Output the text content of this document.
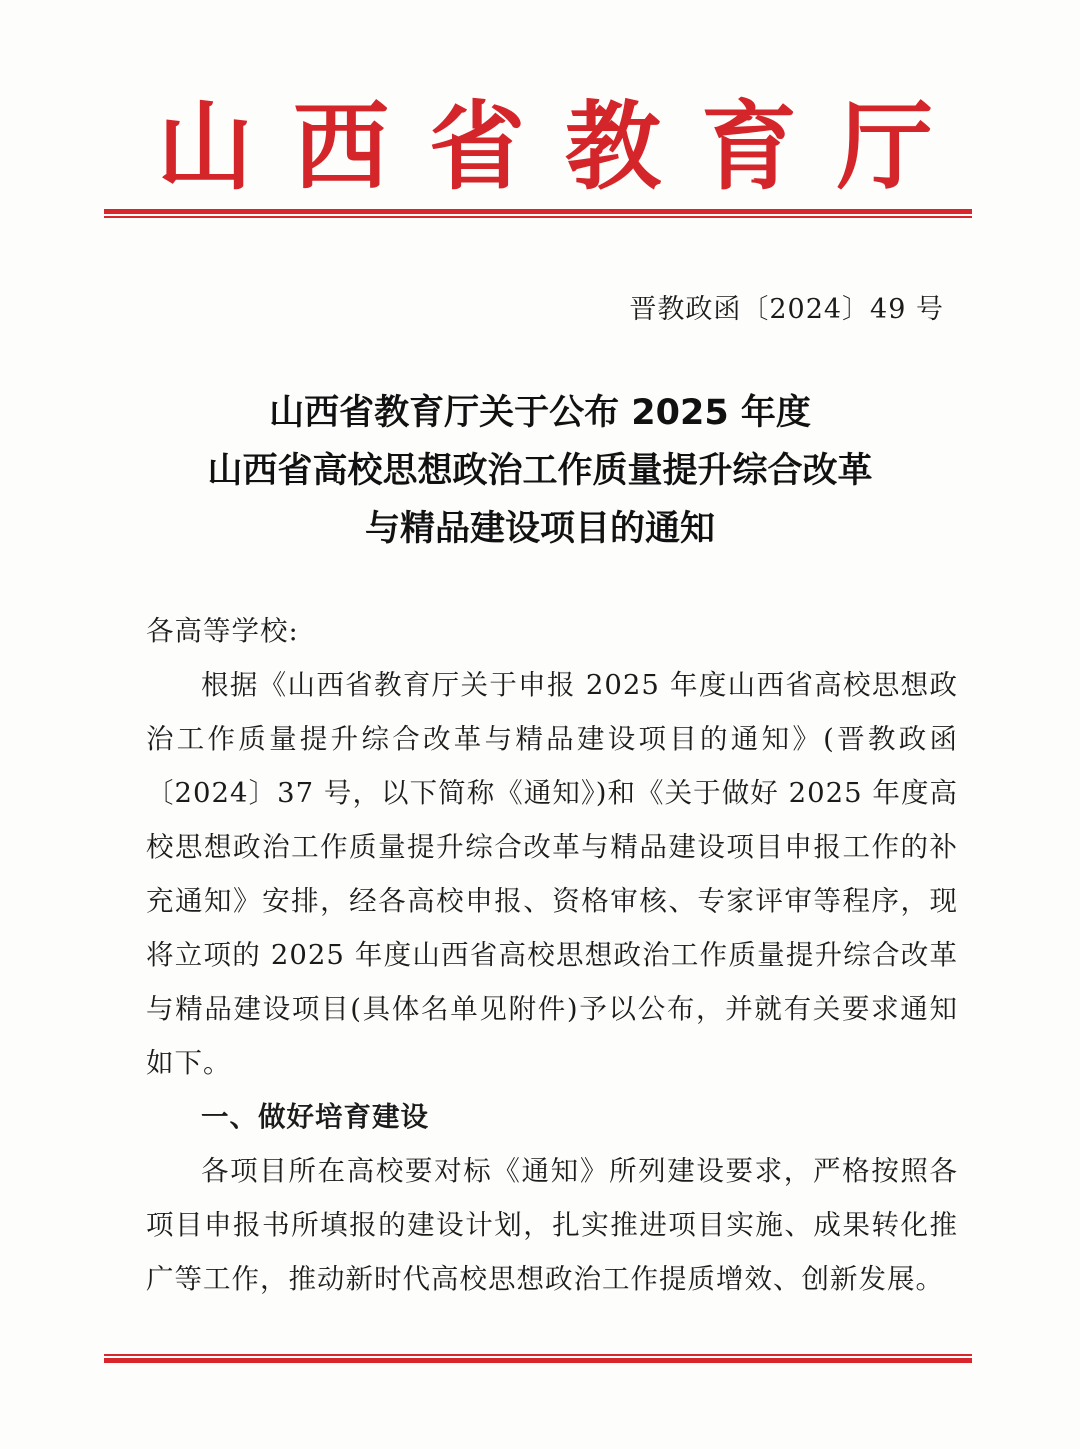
山 西 省 教 育 厅
晋教政函〔2024〕49 号
山西省教育厅关于公布 2025 年度
山西省高校思想政治工作质量提升综合改革
与精品建设项目的通知

各高等学校:

根据《山西省教育厅关于申报 2025 年度山西省高校思想政治工作质量提升综合改革与精品建设项目的通知》(晋教政函〔2024〕37 号，以下简称《通知》)和《关于做好 2025 年度高校思想政治工作质量提升综合改革与精品建设项目申报工作的补充通知》安排，经各高校申报、资格审核、专家评审等程序，现将立项的 2025 年度山西省高校思想政治工作质量提升综合改革与精品建设项目(具体名单见附件)予以公布，并就有关要求通知如下。

一、做好培育建设

各项目所在高校要对标《通知》所列建设要求，严格按照各项目申报书所填报的建设计划，扎实推进项目实施、成果转化推广等工作，推动新时代高校思想政治工作提质增效、创新发展。
